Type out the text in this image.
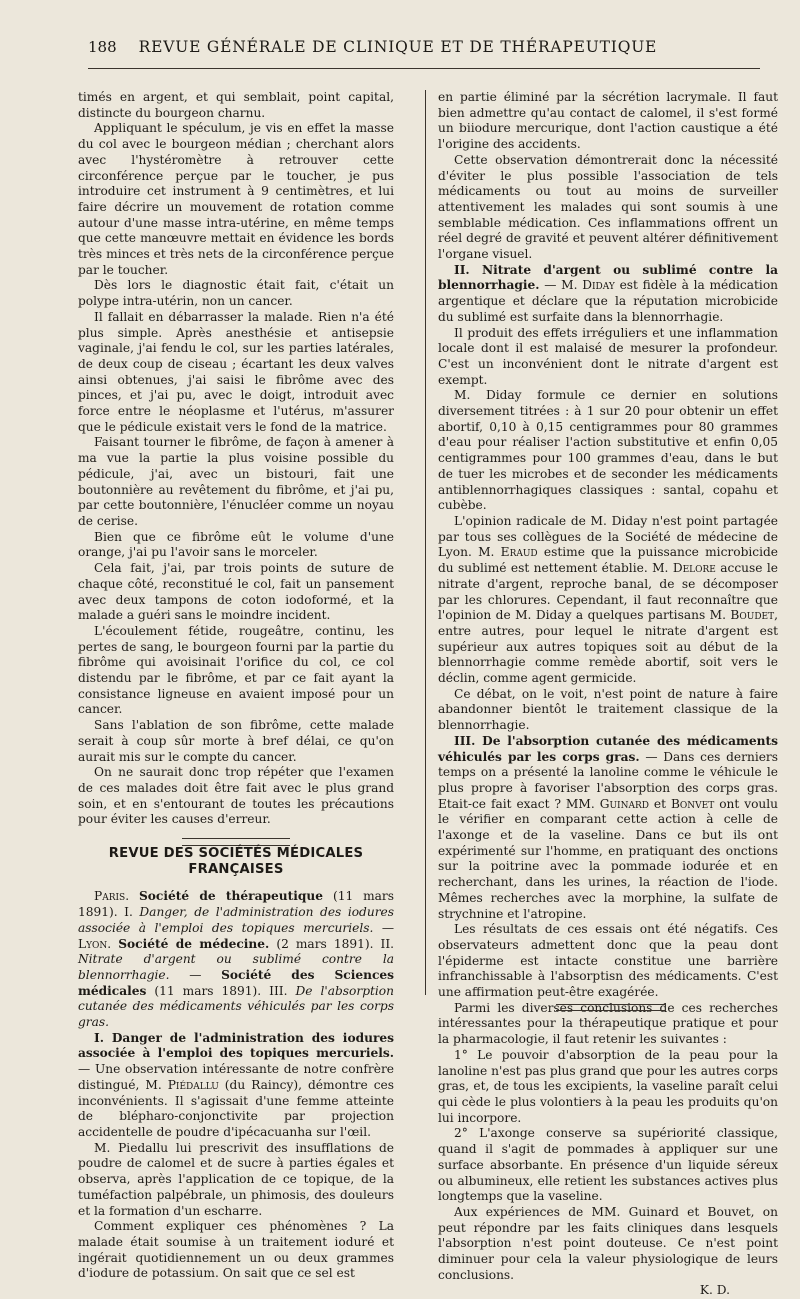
188 REVUE GÉNÉRALE DE CLINIQUE ET DE THÉRAPEUTIQUE

timés en argent, et qui semblait, point capital, distincte du bourgeon charnu.

Appliquant le spéculum, je vis en effet la masse du col avec le bourgeon médian ; cherchant alors avec l'hystéromètre à retrouver cette circonférence perçue par le toucher, je pus introduire cet instrument à 9 centimètres, et lui faire décrire un mouvement de rotation comme autour d'une masse intra-utérine, en même temps que cette manœuvre mettait en évidence les bords très minces et très nets de la circonférence perçue par le toucher.

Dès lors le diagnostic était fait, c'était un polype intra-utérin, non un cancer.

Il fallait en débarrasser la malade. Rien n'a été plus simple. Après anesthésie et antisepsie vaginale, j'ai fendu le col, sur les parties latérales, de deux coup de ciseau ; écartant les deux valves ainsi obtenues, j'ai saisi le fibrôme avec des pinces, et j'ai pu, avec le doigt, introduit avec force entre le néoplasme et l'utérus, m'assurer que le pédicule existait vers le fond de la matrice.

Faisant tourner le fibrôme, de façon à amener à ma vue la partie la plus voisine possible du pédicule, j'ai, avec un bistouri, fait une boutonnière au revêtement du fibrôme, et j'ai pu, par cette boutonnière, l'énucléer comme un noyau de cerise.

Bien que ce fibrôme eût le volume d'une orange, j'ai pu l'avoir sans le morceler.

Cela fait, j'ai, par trois points de suture de chaque côté, reconstitué le col, fait un pansement avec deux tampons de coton iodoformé, et la malade a guéri sans le moindre incident.

L'écoulement fétide, rougeâtre, continu, les pertes de sang, le bourgeon fourni par la partie du fibrôme qui avoisinait l'orifice du col, ce col distendu par le fibrôme, et par ce fait ayant la consistance ligneuse en avaient imposé pour un cancer.

Sans l'ablation de son fibrôme, cette malade serait à coup sûr morte à bref délai, ce qu'on aurait mis sur le compte du cancer.

On ne saurait donc trop répéter que l'examen de ces malades doit être fait avec le plus grand soin, et en s'entourant de toutes les précautions pour éviter les causes d'erreur.

REVUE DES SOCIÉTÉS MÉDICALES FRANÇAISES

Paris. Société de thérapeutique (11 mars 1891). I. Danger, de l'administration des iodures associée à l'emploi des topiques mercuriels. — Lyon. Société de médecine. (2 mars 1891). II. Nitrate d'argent ou sublimé contre la blennorrhagie. — Société des Sciences médicales (11 mars 1891). III. De l'absorption cutanée des médicaments véhiculés par les corps gras.

I. Danger de l'administration des iodures associée à l'emploi des topiques mercuriels. — Une observation intéressante de notre confrère distingué, M. Piédallu (du Raincy), démontre ces inconvénients. Il s'agissait d'une femme atteinte de blépharo-conjonctivite par projection accidentelle de poudre d'ipécacuanha sur l'œil.

M. Piedallu lui prescrivit des insufflations de poudre de calomel et de sucre à parties égales et observa, après l'application de ce topique, de la tuméfaction palpébrale, un phimosis, des douleurs et la formation d'un escharre.

Comment expliquer ces phénomènes ? La malade était soumise à un traitement ioduré et ingérait quotidiennement un ou deux grammes d'iodure de potassium. On sait que ce sel est

en partie éliminé par la sécrétion lacrymale. Il faut bien admettre qu'au contact de calomel, il s'est formé un biiodure mercurique, dont l'action caustique a été l'origine des accidents.

Cette observation démontrerait donc la nécessité d'éviter le plus possible l'association de tels médicaments ou tout au moins de surveiller attentivement les malades qui sont soumis à une semblable médication. Ces inflammations offrent un réel degré de gravité et peuvent altérer définitivement l'organe visuel.

II. Nitrate d'argent ou sublimé contre la blennorrhagie. — M. Diday est fidèle à la médication argentique et déclare que la réputation microbicide du sublimé est surfaite dans la blennorrhagie.

Il produit des effets irréguliers et une inflammation locale dont il est malaisé de mesurer la profondeur. C'est un inconvénient dont le nitrate d'argent est exempt.

M. Diday formule ce dernier en solutions diversement titrées : à 1 sur 20 pour obtenir un effet abortif, 0,10 à 0,15 centigrammes pour 80 grammes d'eau pour réaliser l'action substitutive et enfin 0,05 centigrammes pour 100 grammes d'eau, dans le but de tuer les microbes et de seconder les médicaments antiblennorrhagiques classiques : santal, copahu et cubèbe.

L'opinion radicale de M. Diday n'est point partagée par tous ses collègues de la Société de médecine de Lyon. M. Eraud estime que la puissance microbicide du sublimé est nettement établie. M. Delore accuse le nitrate d'argent, reproche banal, de se décomposer par les chlorures. Cependant, il faut reconnaître que l'opinion de M. Diday a quelques partisans M. Boudet, entre autres, pour lequel le nitrate d'argent est supérieur aux autres topiques soit au début de la blennorrhagie comme remède abortif, soit vers le déclin, comme agent germicide.

Ce débat, on le voit, n'est point de nature à faire abandonner bientôt le traitement classique de la blennorrhagie.

III. De l'absorption cutanée des médicaments véhiculés par les corps gras. — Dans ces derniers temps on a présenté la lanoline comme le véhicule le plus propre à favoriser l'absorption des corps gras. Etait-ce fait exact ? MM. Guinard et Bonvet ont voulu le vérifier en comparant cette action à celle de l'axonge et de la vaseline. Dans ce but ils ont expérimenté sur l'homme, en pratiquant des onctions sur la poitrine avec la pommade iodurée et en recherchant, dans les urines, la réaction de l'iode. Mêmes recherches avec la morphine, la sulfate de strychnine et l'atropine.

Les résultats de ces essais ont été négatifs. Ces observateurs admettent donc que la peau dont l'épiderme est intacte constitue une barrière infranchissable à l'absorptisn des médicaments. C'est une affirmation peut-être exagérée.

Parmi les diverses conclusions de ces recherches intéressantes pour la thérapeutique pratique et pour la pharmacologie, il faut retenir les suivantes :

1° Le pouvoir d'absorption de la peau pour la lanoline n'est pas plus grand que pour les autres corps gras, et, de tous les excipients, la vaseline paraît celui qui cède le plus volontiers à la peau les produits qu'on lui incorpore.

2° L'axonge conserve sa supériorité classique, quand il s'agit de pommades à appliquer sur une surface absorbante. En présence d'un liquide séreux ou albumineux, elle retient les substances actives plus longtemps que la vaseline.

Aux expériences de MM. Guinard et Bouvet, on peut répondre par les faits cliniques dans lesquels l'absorption n'est point douteuse. Ce n'est point diminuer pour cela la valeur physiologique de leurs conclusions.

K. D.
